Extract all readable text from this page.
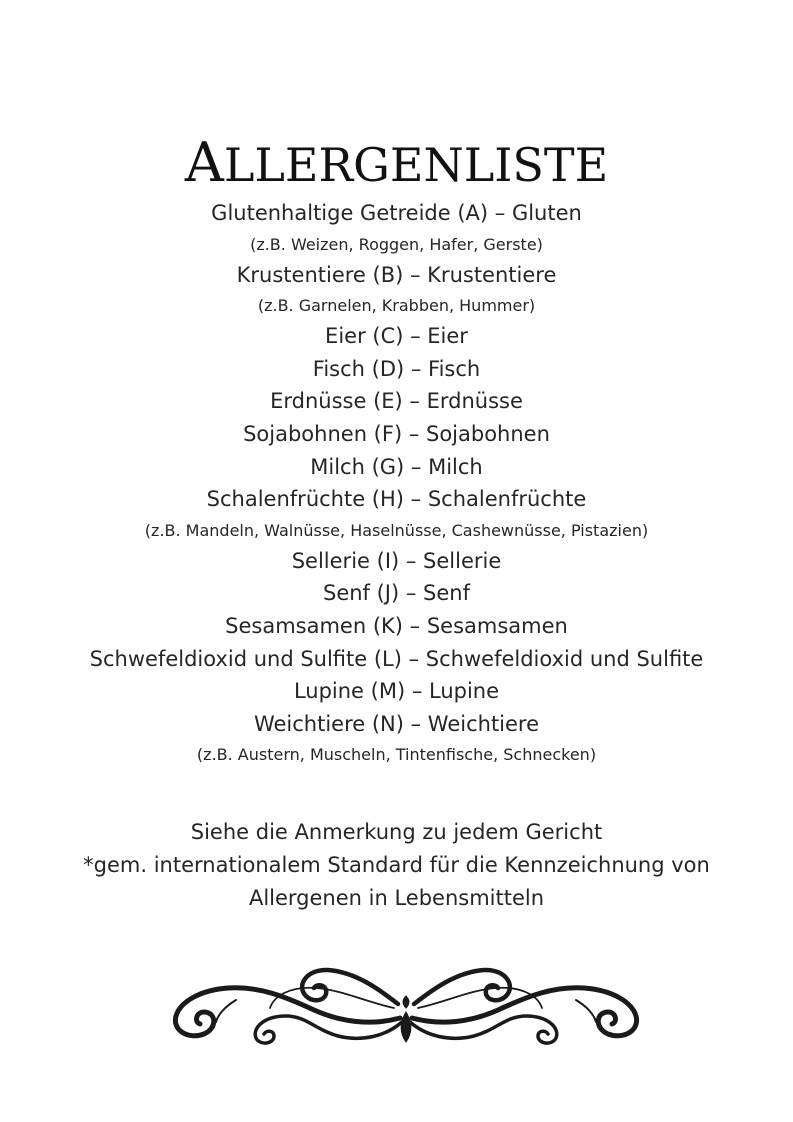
ALLERGENLISTE
Glutenhaltige Getreide (A) – Gluten
(z.B. Weizen, Roggen, Hafer, Gerste)
Krustentiere (B) – Krustentiere
(z.B. Garnelen, Krabben, Hummer)
Eier (C) – Eier
Fisch (D) – Fisch
Erdnüsse (E) – Erdnüsse
Sojabohnen (F) – Sojabohnen
Milch (G) – Milch
Schalenfrüchte (H) – Schalenfrüchte
(z.B. Mandeln, Walnüsse, Haselnüsse, Cashewnüsse, Pistazien)
Sellerie (I) – Sellerie
Senf (J) – Senf
Sesamsamen (K) – Sesamsamen
Schwefeldioxid und Sulfite (L) – Schwefeldioxid und Sulfite
Lupine (M) – Lupine
Weichtiere (N) – Weichtiere
(z.B. Austern, Muscheln, Tintenfische, Schnecken)
Siehe die Anmerkung zu jedem Gericht
*gem. internationalem Standard für die Kennzeichnung von
Allergenen in Lebensmitteln
